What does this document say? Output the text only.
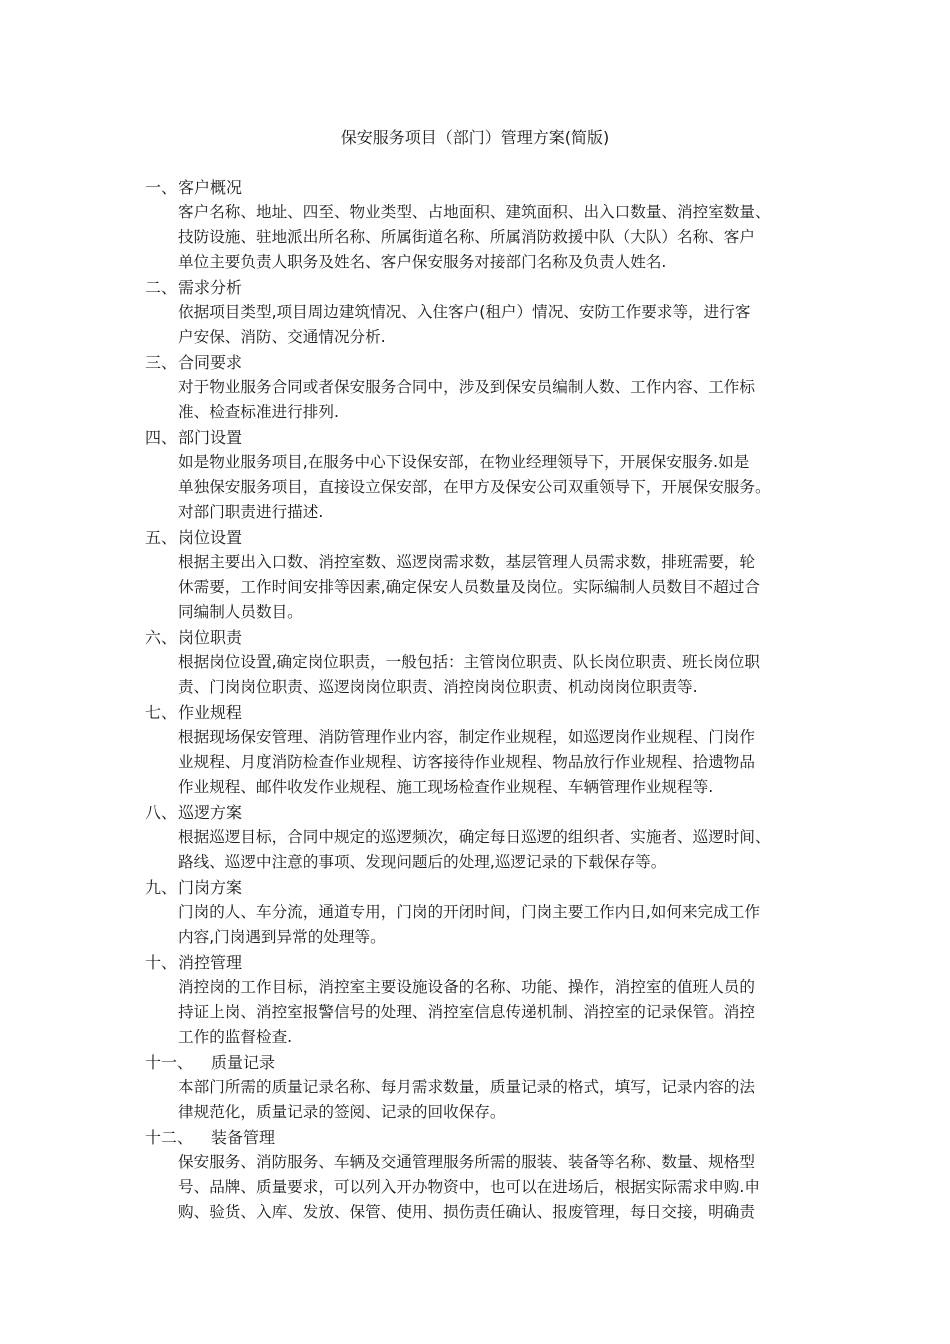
保安服务项目（部门）管理方案(简版)
一、客户概况
客户名称、地址、四至、物业类型、占地面积、建筑面积、出入口数量、消控室数量、
技防设施、驻地派出所名称、所属街道名称、所属消防救援中队（大队）名称、客户
单位主要负责人职务及姓名、客户保安服务对接部门名称及负责人姓名.
二、需求分析
依据项目类型,项目周边建筑情况、入住客户(租户）情况、安防工作要求等，进行客
户安保、消防、交通情况分析.
三、合同要求
对于物业服务合同或者保安服务合同中，涉及到保安员编制人数、工作内容、工作标
准、检查标准进行排列.
四、部门设置
如是物业服务项目,在服务中心下设保安部，在物业经理领导下，开展保安服务.如是
单独保安服务项目，直接设立保安部，在甲方及保安公司双重领导下，开展保安服务。
对部门职责进行描述.
五、岗位设置
根据主要出入口数、消控室数、巡逻岗需求数，基层管理人员需求数，排班需要，轮
休需要，工作时间安排等因素,确定保安人员数量及岗位。实际编制人员数目不超过合
同编制人员数目。
六、岗位职责
根据岗位设置,确定岗位职责，一般包括：主管岗位职责、队长岗位职责、班长岗位职
责、门岗岗位职责、巡逻岗岗位职责、消控岗岗位职责、机动岗岗位职责等.
七、作业规程
根据现场保安管理、消防管理作业内容，制定作业规程，如巡逻岗作业规程、门岗作
业规程、月度消防检查作业规程、访客接待作业规程、物品放行作业规程、拾遗物品
作业规程、邮件收发作业规程、施工现场检查作业规程、车辆管理作业规程等.
八、巡逻方案
根据巡逻目标，合同中规定的巡逻频次，确定每日巡逻的组织者、实施者、巡逻时间、
路线、巡逻中注意的事项、发现问题后的处理,巡逻记录的下载保存等。
九、门岗方案
门岗的人、车分流，通道专用，门岗的开闭时间，门岗主要工作内日,如何来完成工作
内容,门岗遇到异常的处理等。
十、消控管理
消控岗的工作目标，消控室主要设施设备的名称、功能、操作，消控室的值班人员的
持证上岗、消控室报警信号的处理、消控室信息传递机制、消控室的记录保管。消控
工作的监督检查.
十一、 质量记录
本部门所需的质量记录名称、每月需求数量，质量记录的格式，填写，记录内容的法
律规范化，质量记录的签阅、记录的回收保存。
十二、 装备管理
保安服务、消防服务、车辆及交通管理服务所需的服装、装备等名称、数量、规格型
号、品牌、质量要求，可以列入开办物资中，也可以在进场后，根据实际需求申购.申
购、验货、入库、发放、保管、使用、损伤责任确认、报废管理，每日交接，明确责
